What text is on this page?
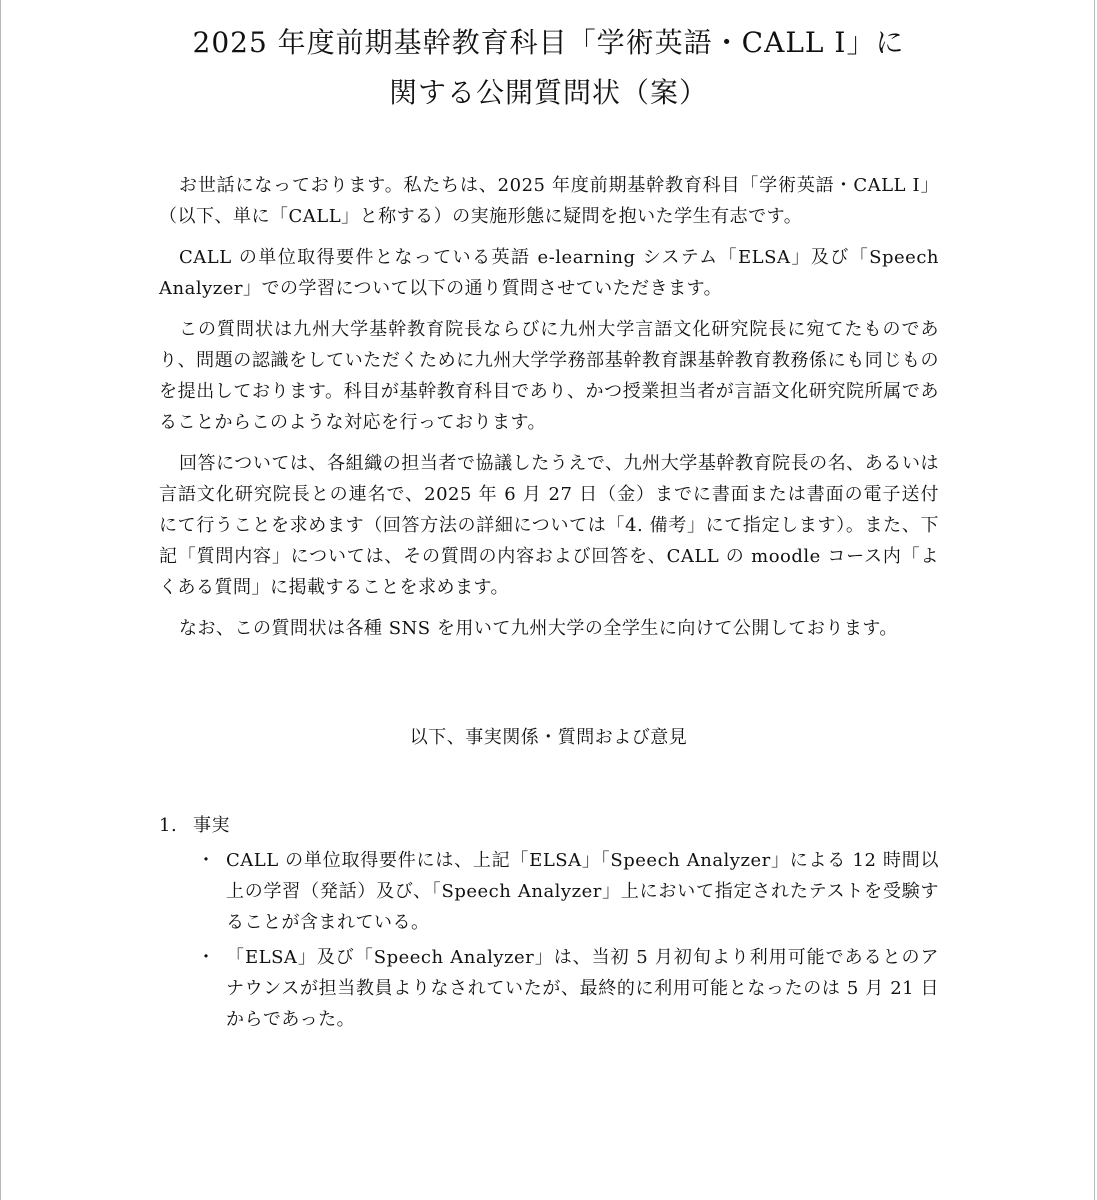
2025 年度前期基幹教育科目「学術英語・CALL Ⅰ」に
関する公開質問状（案）

お世話になっております。私たちは、2025 年度前期基幹教育科目「学術英語・CALL Ⅰ」（以下、単に「CALL」と称する）の実施形態に疑問を抱いた学生有志です。

CALL の単位取得要件となっている英語 e-learning システム「ELSA」及び「Speech Analyzer」での学習について以下の通り質問させていただきます。

この質問状は九州大学基幹教育院長ならびに九州大学言語文化研究院長に宛てたものであり、問題の認識をしていただくために九州大学学務部基幹教育課基幹教育教務係にも同じものを提出しております。科目が基幹教育科目であり、かつ授業担当者が言語文化研究院所属であることからこのような対応を行っております。

回答については、各組織の担当者で協議したうえで、九州大学基幹教育院長の名、あるいは言語文化研究院長との連名で、2025 年 6 月 27 日（金）までに書面または書面の電子送付にて行うことを求めます（回答方法の詳細については「4. 備考」にて指定します）。また、下記「質問内容」については、その質問の内容および回答を、CALL の moodle コース内「よくある質問」に掲載することを求めます。

なお、この質問状は各種 SNS を用いて九州大学の全学生に向けて公開しております。

以下、事実関係・質問および意見
1. 事実
・ CALL の単位取得要件には、上記「ELSA」「Speech Analyzer」による 12 時間以上の学習（発話）及び、「Speech Analyzer」上において指定されたテストを受験することが含まれている。
・ 「ELSA」及び「Speech Analyzer」は、当初 5 月初旬より利用可能であるとのアナウンスが担当教員よりなされていたが、最終的に利用可能となったのは 5 月 21 日からであった。
